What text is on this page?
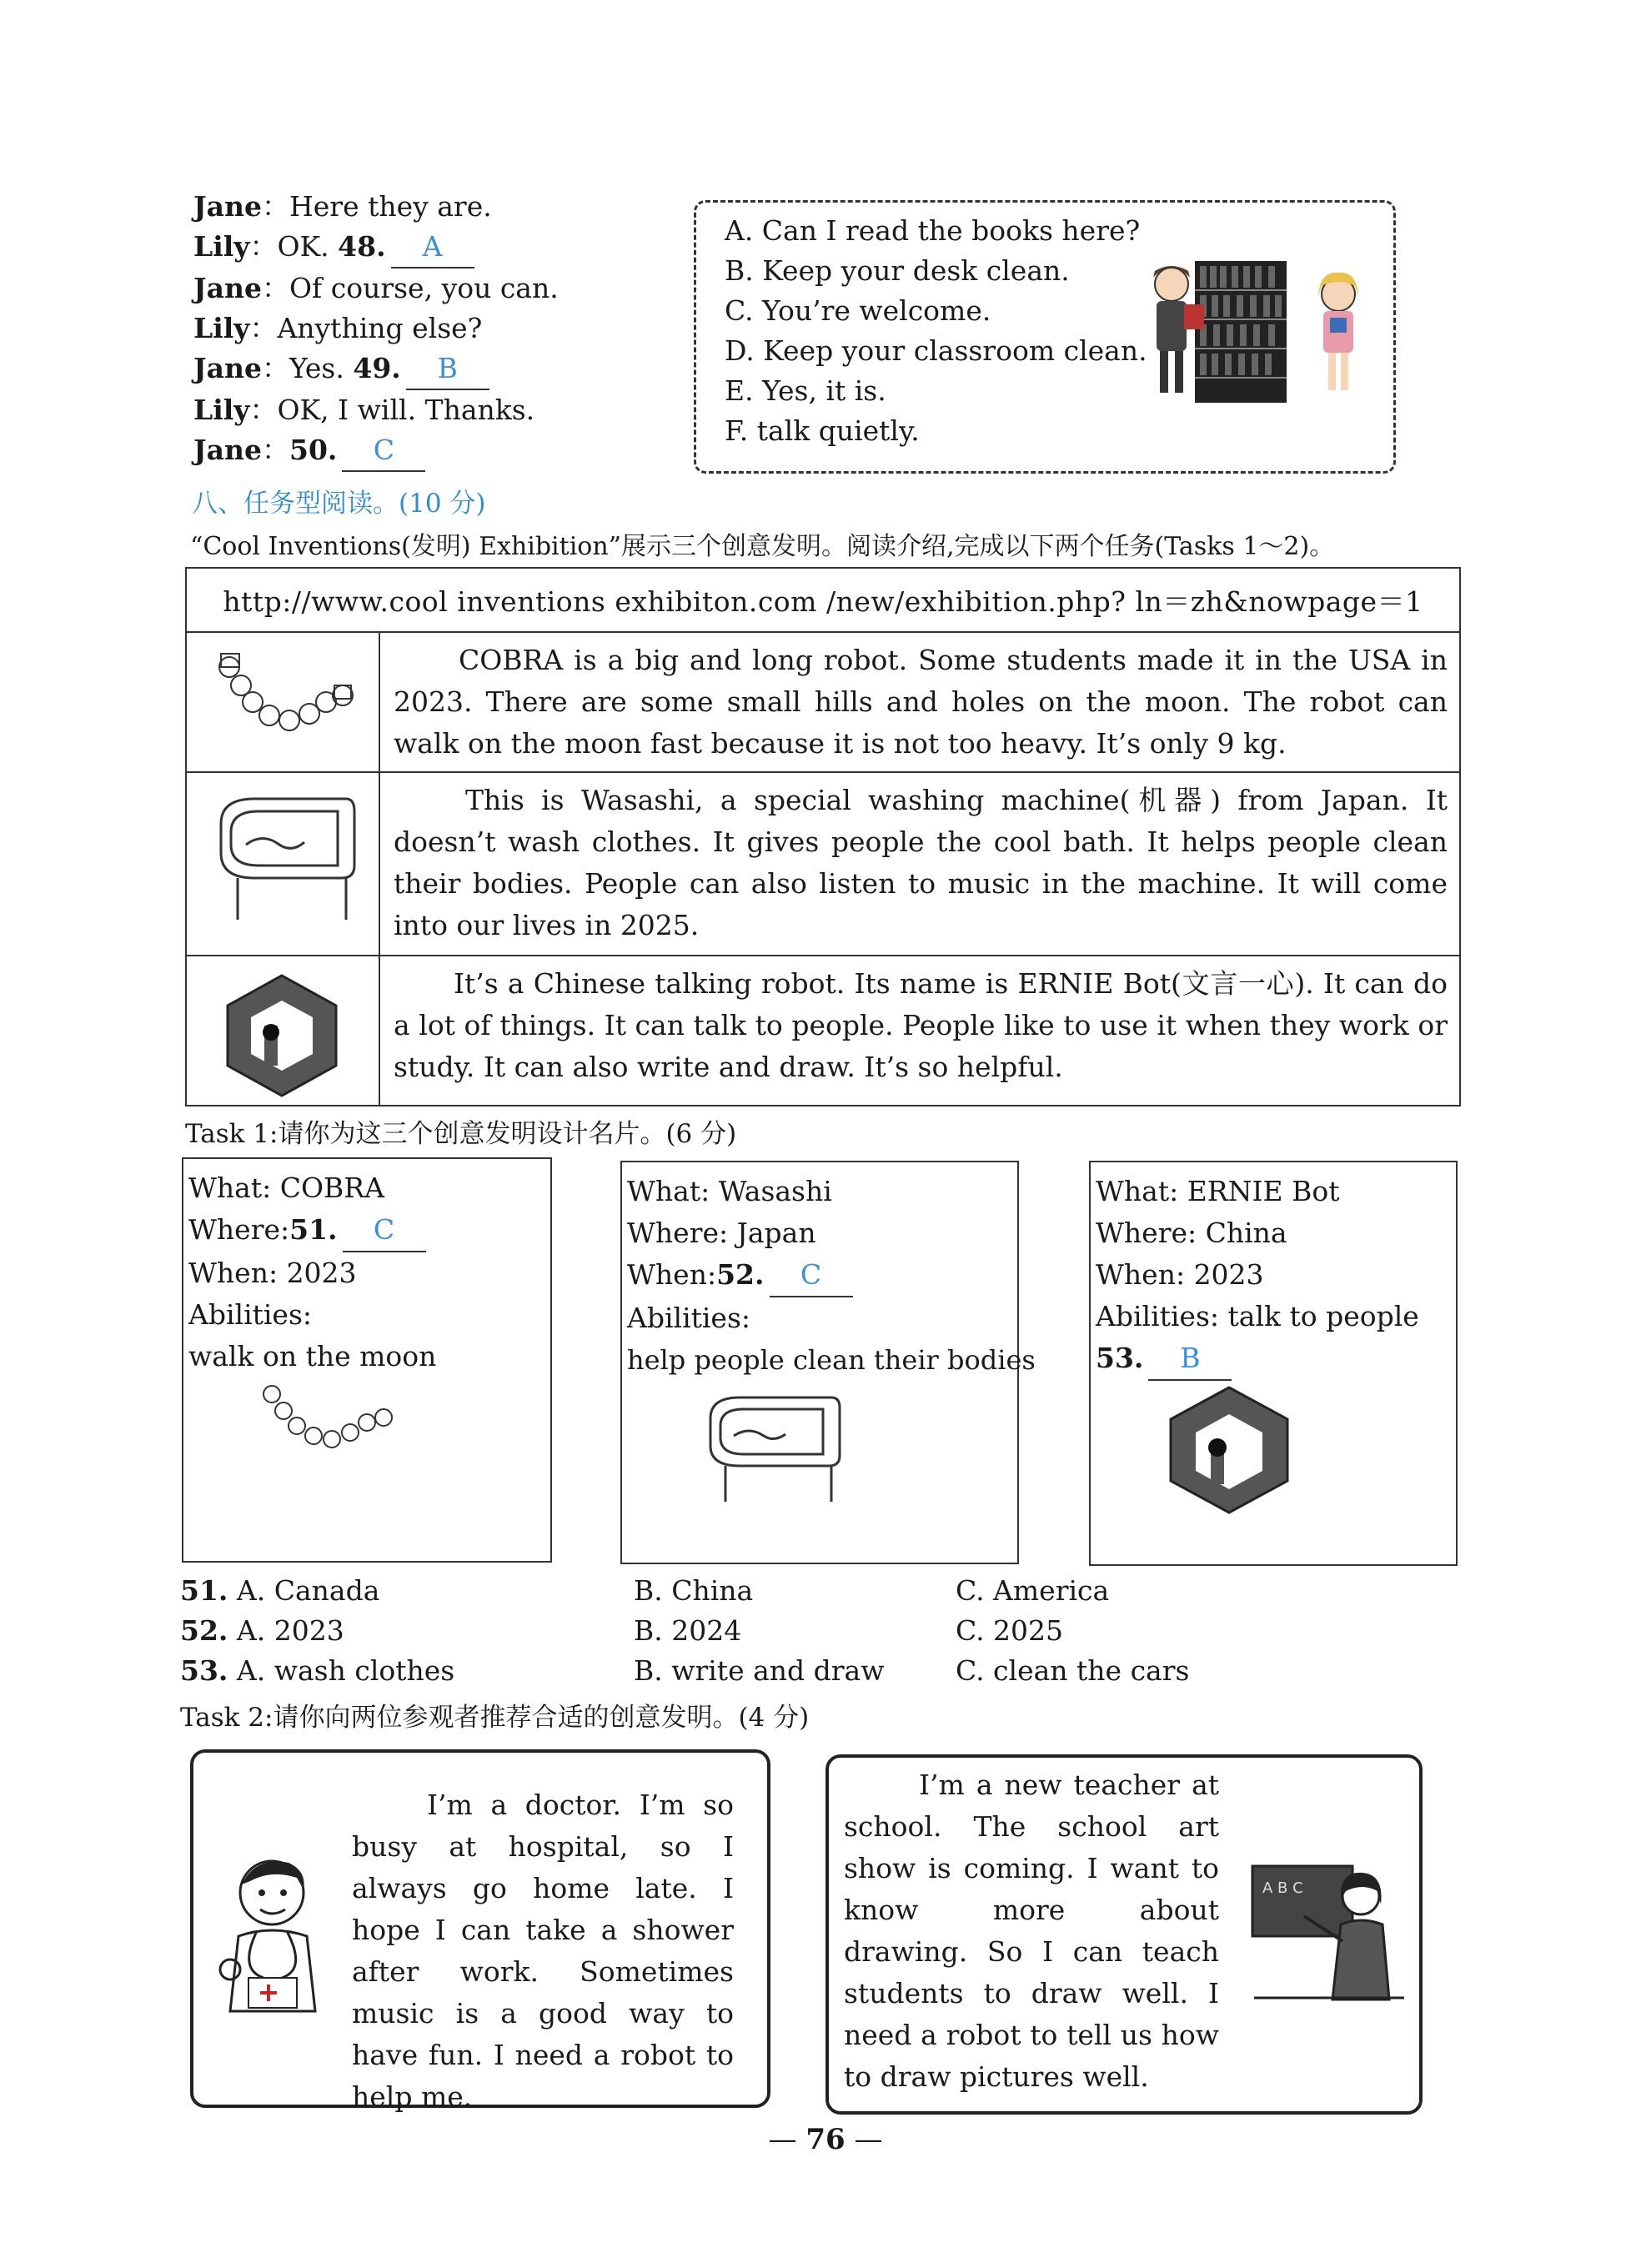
Jane：Here they are.
Lily：OK. 48. A
Jane：Of course, you can.
Lily：Anything else?
Jane：Yes. 49. B
Lily：OK, I will. Thanks.
Jane：50. C
A. Can I read the books here?
B. Keep your desk clean.
C. You’re welcome.
D. Keep your classroom clean.
E. Yes, it is.
F. talk quietly.
八、任务型阅读。(10 分)
“Cool Inventions(发明) Exhibition”展示三个创意发明。阅读介绍,完成以下两个任务(Tasks 1～2)。
http://www.cool inventions exhibiton.com /new/exhibition.php? ln＝zh&nowpage＝1	
	COBRA is a big and long robot. Some students made it in the USA in 2023. There are some small hills and holes on the moon. The robot can walk on the moon fast because it is not too heavy. It’s only 9 kg.
	This is Wasashi, a special washing machine(机器) from Japan. It doesn’t wash clothes. It gives people the cool bath. It helps people clean their bodies. People can also listen to music in the machine. It will come into our lives in 2025.
	It’s a Chinese talking robot. Its name is ERNIE Bot(文言一心). It can do a lot of things. It can talk to people. People like to use it when they work or study. It can also write and draw. It’s so helpful.
Task 1:请你为这三个创意发明设计名片。(6 分)
What: COBRA
Where:51. C
When: 2023
Abilities:
walk on the moon
What: Wasashi
Where: Japan
When:52. C
Abilities:
help people clean their bodies
What: ERNIE Bot
Where: China
When: 2023
Abilities: talk to people
53. B
51. A. Canada	B. China	C. America
52. A. 2023	B. 2024	C. 2025
53. A. wash clothes	B. write and draw	C. clean the cars
Task 2:请你向两位参观者推荐合适的创意发明。(4 分)
I’m a doctor. I’m so busy at hospital, so I always go home late. I hope I can take a shower after work. Sometimes music is a good way to have fun. I need a robot to help me.
I’m a new teacher at school. The school art show is coming. I want to know more about drawing. So I can teach students to draw well. I need a robot to tell us how to draw pictures well.
A B C
— 76 —
